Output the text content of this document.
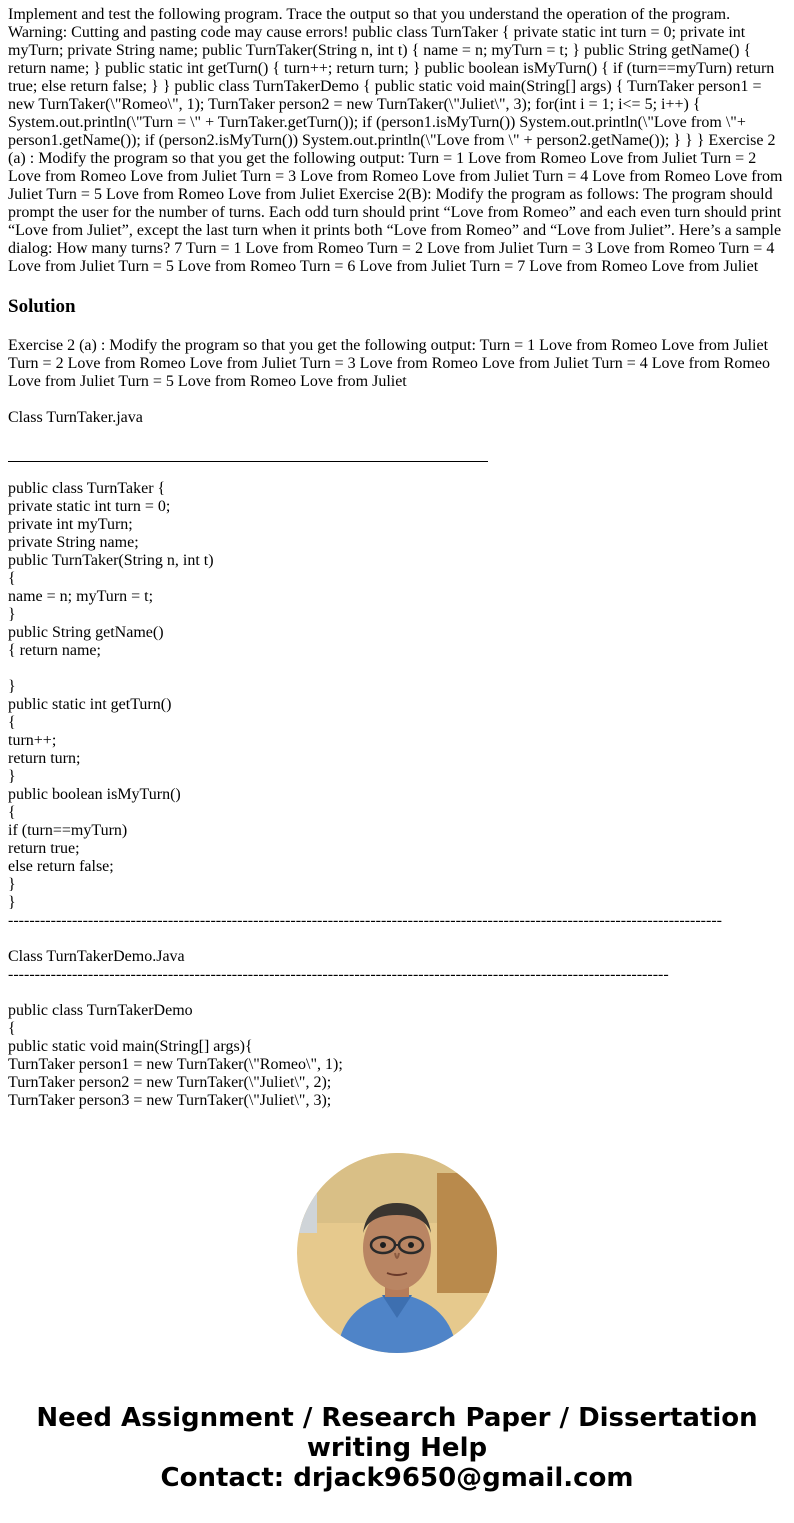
Implement and test the following program. Trace the output so that you understand the operation of the program. Warning: Cutting and pasting code may cause errors! public class TurnTaker { private static int turn = 0; private int myTurn; private String name; public TurnTaker(String n, int t) { name = n; myTurn = t; } public String getName() { return name; } public static int getTurn() { turn++; return turn; } public boolean isMyTurn() { if (turn==myTurn) return true; else return false; } } public class TurnTakerDemo { public static void main(String[] args) { TurnTaker person1 = new TurnTaker(\"Romeo\", 1); TurnTaker person2 = new TurnTaker(\"Juliet\", 3); for(int i = 1; i<= 5; i++) { System.out.println(\"Turn = \" + TurnTaker.getTurn()); if (person1.isMyTurn()) System.out.println(\"Love from \"+ person1.getName()); if (person2.isMyTurn()) System.out.println(\"Love from \" + person2.getName()); } } } Exercise 2 (a) : Modify the program so that you get the following output: Turn = 1 Love from Romeo Love from Juliet Turn = 2 Love from Romeo Love from Juliet Turn = 3 Love from Romeo Love from Juliet Turn = 4 Love from Romeo Love from Juliet Turn = 5 Love from Romeo Love from Juliet Exercise 2(B): Modify the program as follows: The program should prompt the user for the number of turns. Each odd turn should print “Love from Romeo” and each even turn should print “Love from Juliet”, except the last turn when it prints both “Love from Romeo” and “Love from Juliet”. Here’s a sample dialog: How many turns? 7 Turn = 1 Love from Romeo Turn = 2 Love from Juliet Turn = 3 Love from Romeo Turn = 4 Love from Juliet Turn = 5 Love from Romeo Turn = 6 Love from Juliet Turn = 7 Love from Romeo Love from Juliet

Solution

Exercise 2 (a) : Modify the program so that you get the following output: Turn = 1 Love from Romeo Love from Juliet Turn = 2 Love from Romeo Love from Juliet Turn = 3 Love from Romeo Love from Juliet Turn = 4 Love from Romeo Love from Juliet Turn = 5 Love from Romeo Love from Juliet

Class TurnTaker.java

public class TurnTaker {

private static int turn = 0;

private int myTurn;

private String name;

public TurnTaker(String n, int t)

{

name = n; myTurn = t;

}

public String getName()

{ return name;

}

public static int getTurn()

{

turn++;

return turn;

}

public boolean isMyTurn()

{

if (turn==myTurn)

return true;

else return false;

}

}

--------------------------------------------------------------------------------------------------------------------------------------

Class TurnTakerDemo.Java

----------------------------------------------------------------------------------------------------------------------------

public class TurnTakerDemo

{

public static void main(String[] args){

TurnTaker person1 = new TurnTaker(\"Romeo\", 1);

TurnTaker person2 = new TurnTaker(\"Juliet\", 2);

TurnTaker person3 = new TurnTaker(\"Juliet\", 3);

Need Assignment / Research Paper / Dissertation

writing Help

Contact: drjack9650@gmail.com
